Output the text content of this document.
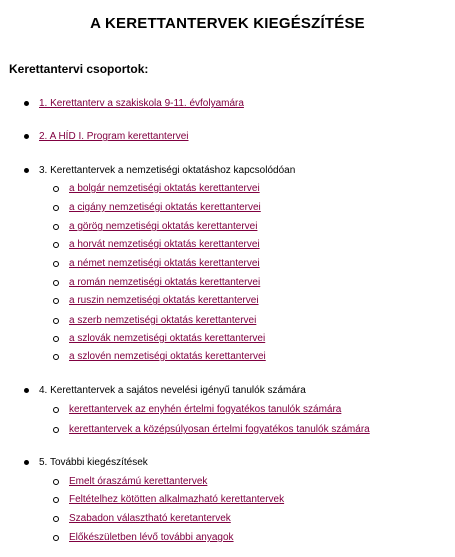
A KERETTANTERVEK KIEGÉSZÍTÉSE
Kerettantervi csoportok:
1. Kerettanterv a szakiskola 9-11. évfolyamára
2. A HÍD I. Program kerettantervei
3. Kerettantervek a nemzetiségi oktatáshoz kapcsolódóan
a bolgár nemzetiségi oktatás kerettantervei
a cigány nemzetiségi oktatás kerettantervei
a görög nemzetiségi oktatás kerettantervei
a horvát nemzetiségi oktatás kerettantervei
a német nemzetiségi oktatás kerettantervei
a román nemzetiségi oktatás kerettantervei
a ruszin nemzetiségi oktatás kerettantervei
a szerb nemzetiségi oktatás kerettantervei
a szlovák nemzetiségi oktatás kerettantervei
a szlovén nemzetiségi oktatás kerettantervei
4. Kerettantervek a sajátos nevelési igényű tanulók számára
kerettantervek az enyhén értelmi fogyatékos tanulók számára
kerettantervek a középsúlyosan értelmi fogyatékos tanulók számára
5. További kiegészítések
Emelt óraszámú kerettantervek
Feltételhez kötötten alkalmazható kerettantervek
Szabadon választható keretantervek
Előkészületben lévő további anyagok
